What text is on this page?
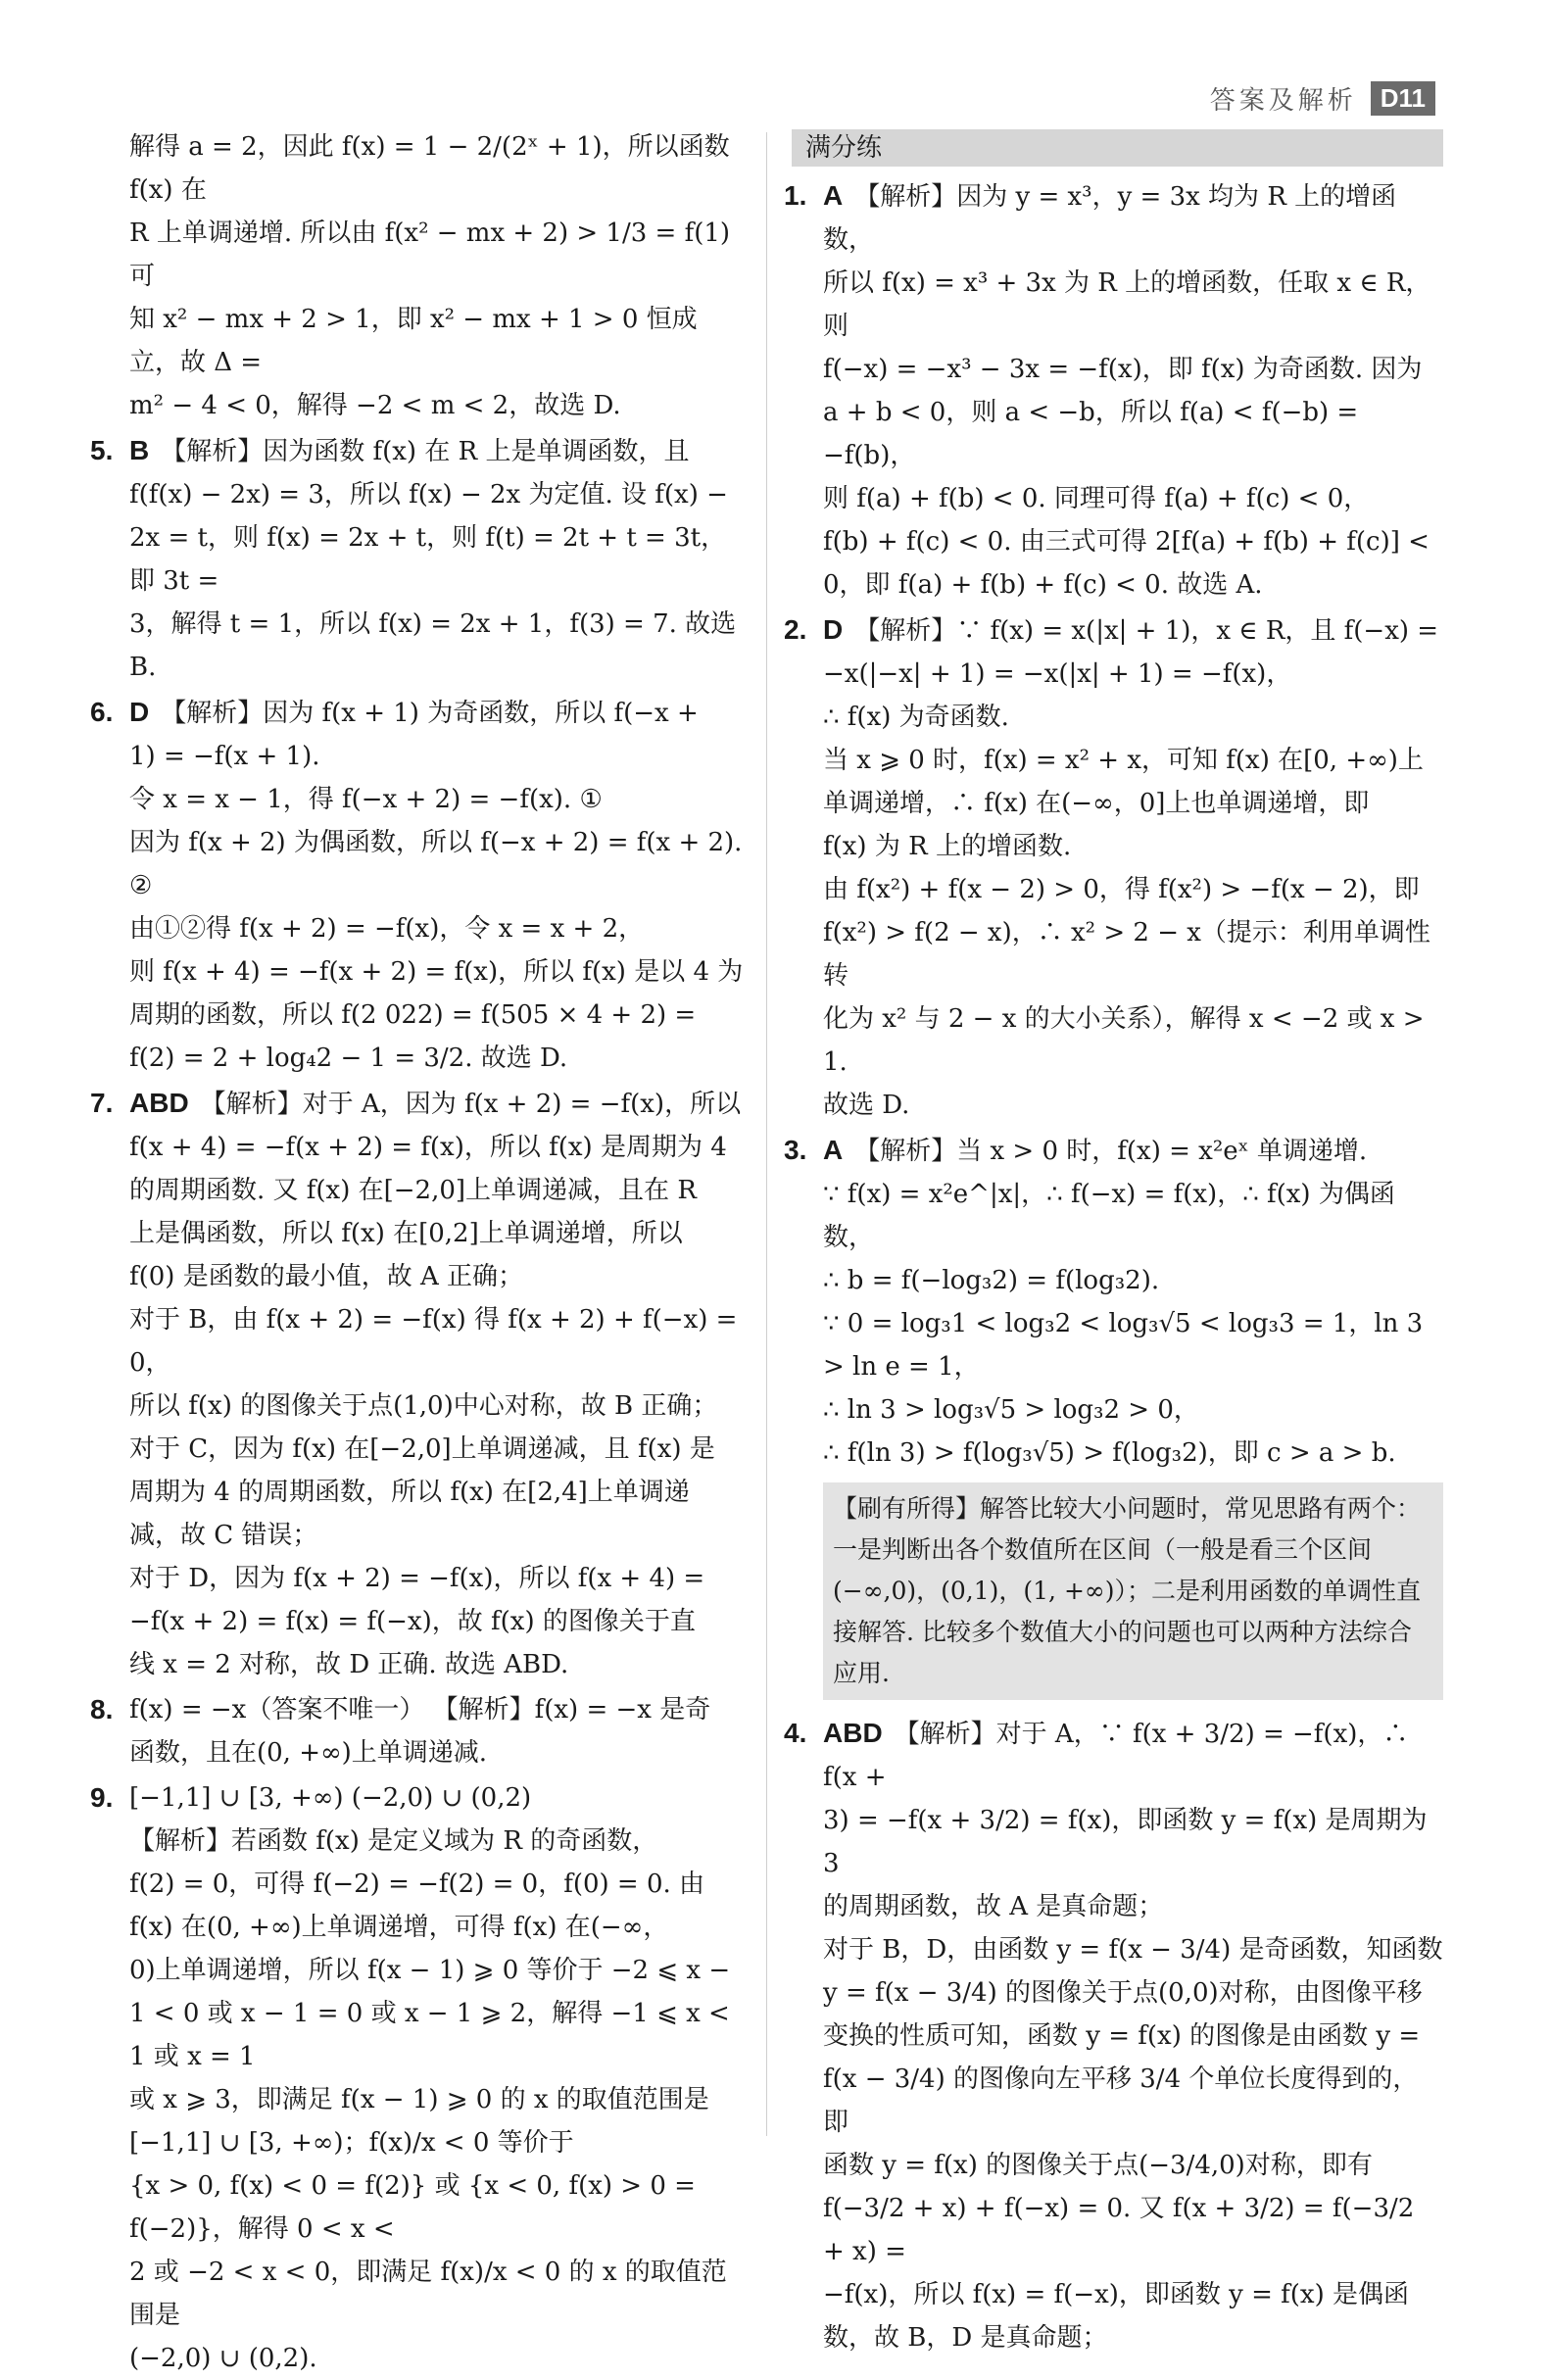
答案及解析 D11
解得 a = 2，因此 f(x) = 1 − 2/(2ˣ + 1)，所以函数 f(x) 在
R 上单调递增. 所以由 f(x² − mx + 2) > 1/3 = f(1) 可
知 x² − mx + 2 > 1，即 x² − mx + 1 > 0 恒成立，故 Δ =
m² − 4 < 0，解得 −2 < m < 2，故选 D.
5. B 【解析】因为函数 f(x) 在 R 上是单调函数，且
f(f(x) − 2x) = 3，所以 f(x) − 2x 为定值. 设 f(x) −
2x = t，则 f(x) = 2x + t，则 f(t) = 2t + t = 3t，即 3t =
3，解得 t = 1，所以 f(x) = 2x + 1，f(3) = 7. 故选 B.
6. D 【解析】因为 f(x + 1) 为奇函数，所以 f(−x +
1) = −f(x + 1).
令 x = x − 1，得 f(−x + 2) = −f(x). ①
因为 f(x + 2) 为偶函数，所以 f(−x + 2) = f(x + 2). ②
由①②得 f(x + 2) = −f(x)，令 x = x + 2，
则 f(x + 4) = −f(x + 2) = f(x)，所以 f(x) 是以 4 为
周期的函数，所以 f(2 022) = f(505 × 4 + 2) =
f(2) = 2 + log₄2 − 1 = 3/2. 故选 D.
7. ABD 【解析】对于 A，因为 f(x + 2) = −f(x)，所以
f(x + 4) = −f(x + 2) = f(x)，所以 f(x) 是周期为 4
的周期函数. 又 f(x) 在[−2,0]上单调递减，且在 R
上是偶函数，所以 f(x) 在[0,2]上单调递增，所以
f(0) 是函数的最小值，故 A 正确；
对于 B，由 f(x + 2) = −f(x) 得 f(x + 2) + f(−x) = 0，
所以 f(x) 的图像关于点(1,0)中心对称，故 B 正确；
对于 C，因为 f(x) 在[−2,0]上单调递减，且 f(x) 是
周期为 4 的周期函数，所以 f(x) 在[2,4]上单调递
减，故 C 错误；
对于 D，因为 f(x + 2) = −f(x)，所以 f(x + 4) =
−f(x + 2) = f(x) = f(−x)，故 f(x) 的图像关于直
线 x = 2 对称，故 D 正确. 故选 ABD.
8. f(x) = −x（答案不唯一） 【解析】f(x) = −x 是奇
函数，且在(0, +∞)上单调递减.
9. [−1,1] ∪ [3, +∞) (−2,0) ∪ (0,2)
【解析】若函数 f(x) 是定义域为 R 的奇函数，
f(2) = 0，可得 f(−2) = −f(2) = 0，f(0) = 0. 由
f(x) 在(0, +∞)上单调递增，可得 f(x) 在(−∞，
0)上单调递增，所以 f(x − 1) ⩾ 0 等价于 −2 ⩽ x −
1 < 0 或 x − 1 = 0 或 x − 1 ⩾ 2，解得 −1 ⩽ x < 1 或 x = 1
或 x ⩾ 3，即满足 f(x − 1) ⩾ 0 的 x 的取值范围是
[−1,1] ∪ [3, +∞)；f(x)/x < 0 等价于
{x > 0, f(x) < 0 = f(2)} 或 {x < 0, f(x) > 0 = f(−2)}，解得 0 < x <
2 或 −2 < x < 0，即满足 f(x)/x < 0 的 x 的取值范围是
(−2,0) ∪ (0,2).
满分练
1. A 【解析】因为 y = x³，y = 3x 均为 R 上的增函数，
所以 f(x) = x³ + 3x 为 R 上的增函数，任取 x ∈ R，则
f(−x) = −x³ − 3x = −f(x)，即 f(x) 为奇函数. 因为
a + b < 0，则 a < −b，所以 f(a) < f(−b) = −f(b)，
则 f(a) + f(b) < 0. 同理可得 f(a) + f(c) < 0，
f(b) + f(c) < 0. 由三式可得 2[f(a) + f(b) + f(c)] <
0，即 f(a) + f(b) + f(c) < 0. 故选 A.
2. D 【解析】∵ f(x) = x(|x| + 1)，x ∈ R，且 f(−x) =
−x(|−x| + 1) = −x(|x| + 1) = −f(x)，
∴ f(x) 为奇函数.
当 x ⩾ 0 时，f(x) = x² + x，可知 f(x) 在[0, +∞)上
单调递增，∴ f(x) 在(−∞，0]上也单调递增，即
f(x) 为 R 上的增函数.
由 f(x²) + f(x − 2) > 0，得 f(x²) > −f(x − 2)，即
f(x²) > f(2 − x)，∴ x² > 2 − x（提示：利用单调性转
化为 x² 与 2 − x 的大小关系），解得 x < −2 或 x > 1.
故选 D.
3. A 【解析】当 x > 0 时，f(x) = x²eˣ 单调递增.
∵ f(x) = x²e^|x|，∴ f(−x) = f(x)，∴ f(x) 为偶函数，
∴ b = f(−log₃2) = f(log₃2).
∵ 0 = log₃1 < log₃2 < log₃√5 < log₃3 = 1，ln 3 > ln e = 1，
∴ ln 3 > log₃√5 > log₃2 > 0，
∴ f(ln 3) > f(log₃√5) > f(log₃2)，即 c > a > b.
【刷有所得】解答比较大小问题时，常见思路有两个：一是判断出各个数值所在区间（一般是看三个区间(−∞,0)，(0,1)，(1, +∞)）；二是利用函数的单调性直接解答. 比较多个数值大小的问题也可以两种方法综合应用.
4. ABD 【解析】对于 A，∵ f(x + 3/2) = −f(x)，∴ f(x +
3) = −f(x + 3/2) = f(x)，即函数 y = f(x) 是周期为 3
的周期函数，故 A 是真命题；
对于 B，D，由函数 y = f(x − 3/4) 是奇函数，知函数
y = f(x − 3/4) 的图像关于点(0,0)对称，由图像平移
变换的性质可知，函数 y = f(x) 的图像是由函数 y =
f(x − 3/4) 的图像向左平移 3/4 个单位长度得到的，即
函数 y = f(x) 的图像关于点(−3/4,0)对称，即有
f(−3/2 + x) + f(−x) = 0. 又 f(x + 3/2) = f(−3/2 + x) =
−f(x)，所以 f(x) = f(−x)，即函数 y = f(x) 是偶函
数，故 B，D 是真命题；
